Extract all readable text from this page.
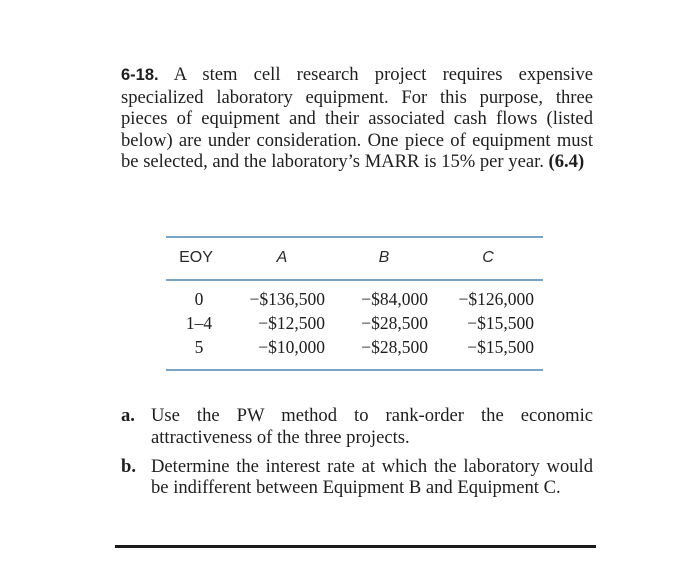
6-18. A stem cell research project requires expensive specialized laboratory equipment. For this purpose, three pieces of equipment and their associated cash flows (listed below) are under consideration. One piece of equipment must be selected, and the laboratory’s MARR is 15% per year. (6.4)
EOY	A	B	C
0	−$136,500 −$84,000 −$126,000
1–4	−$12,500 −$28,500 −$15,500
5	−$10,000 −$28,500 −$15,500
a. Use the PW method to rank-order the economic attractiveness of the three projects.
b. Determine the interest rate at which the laboratory would be indifferent between Equipment B and Equipment C.
